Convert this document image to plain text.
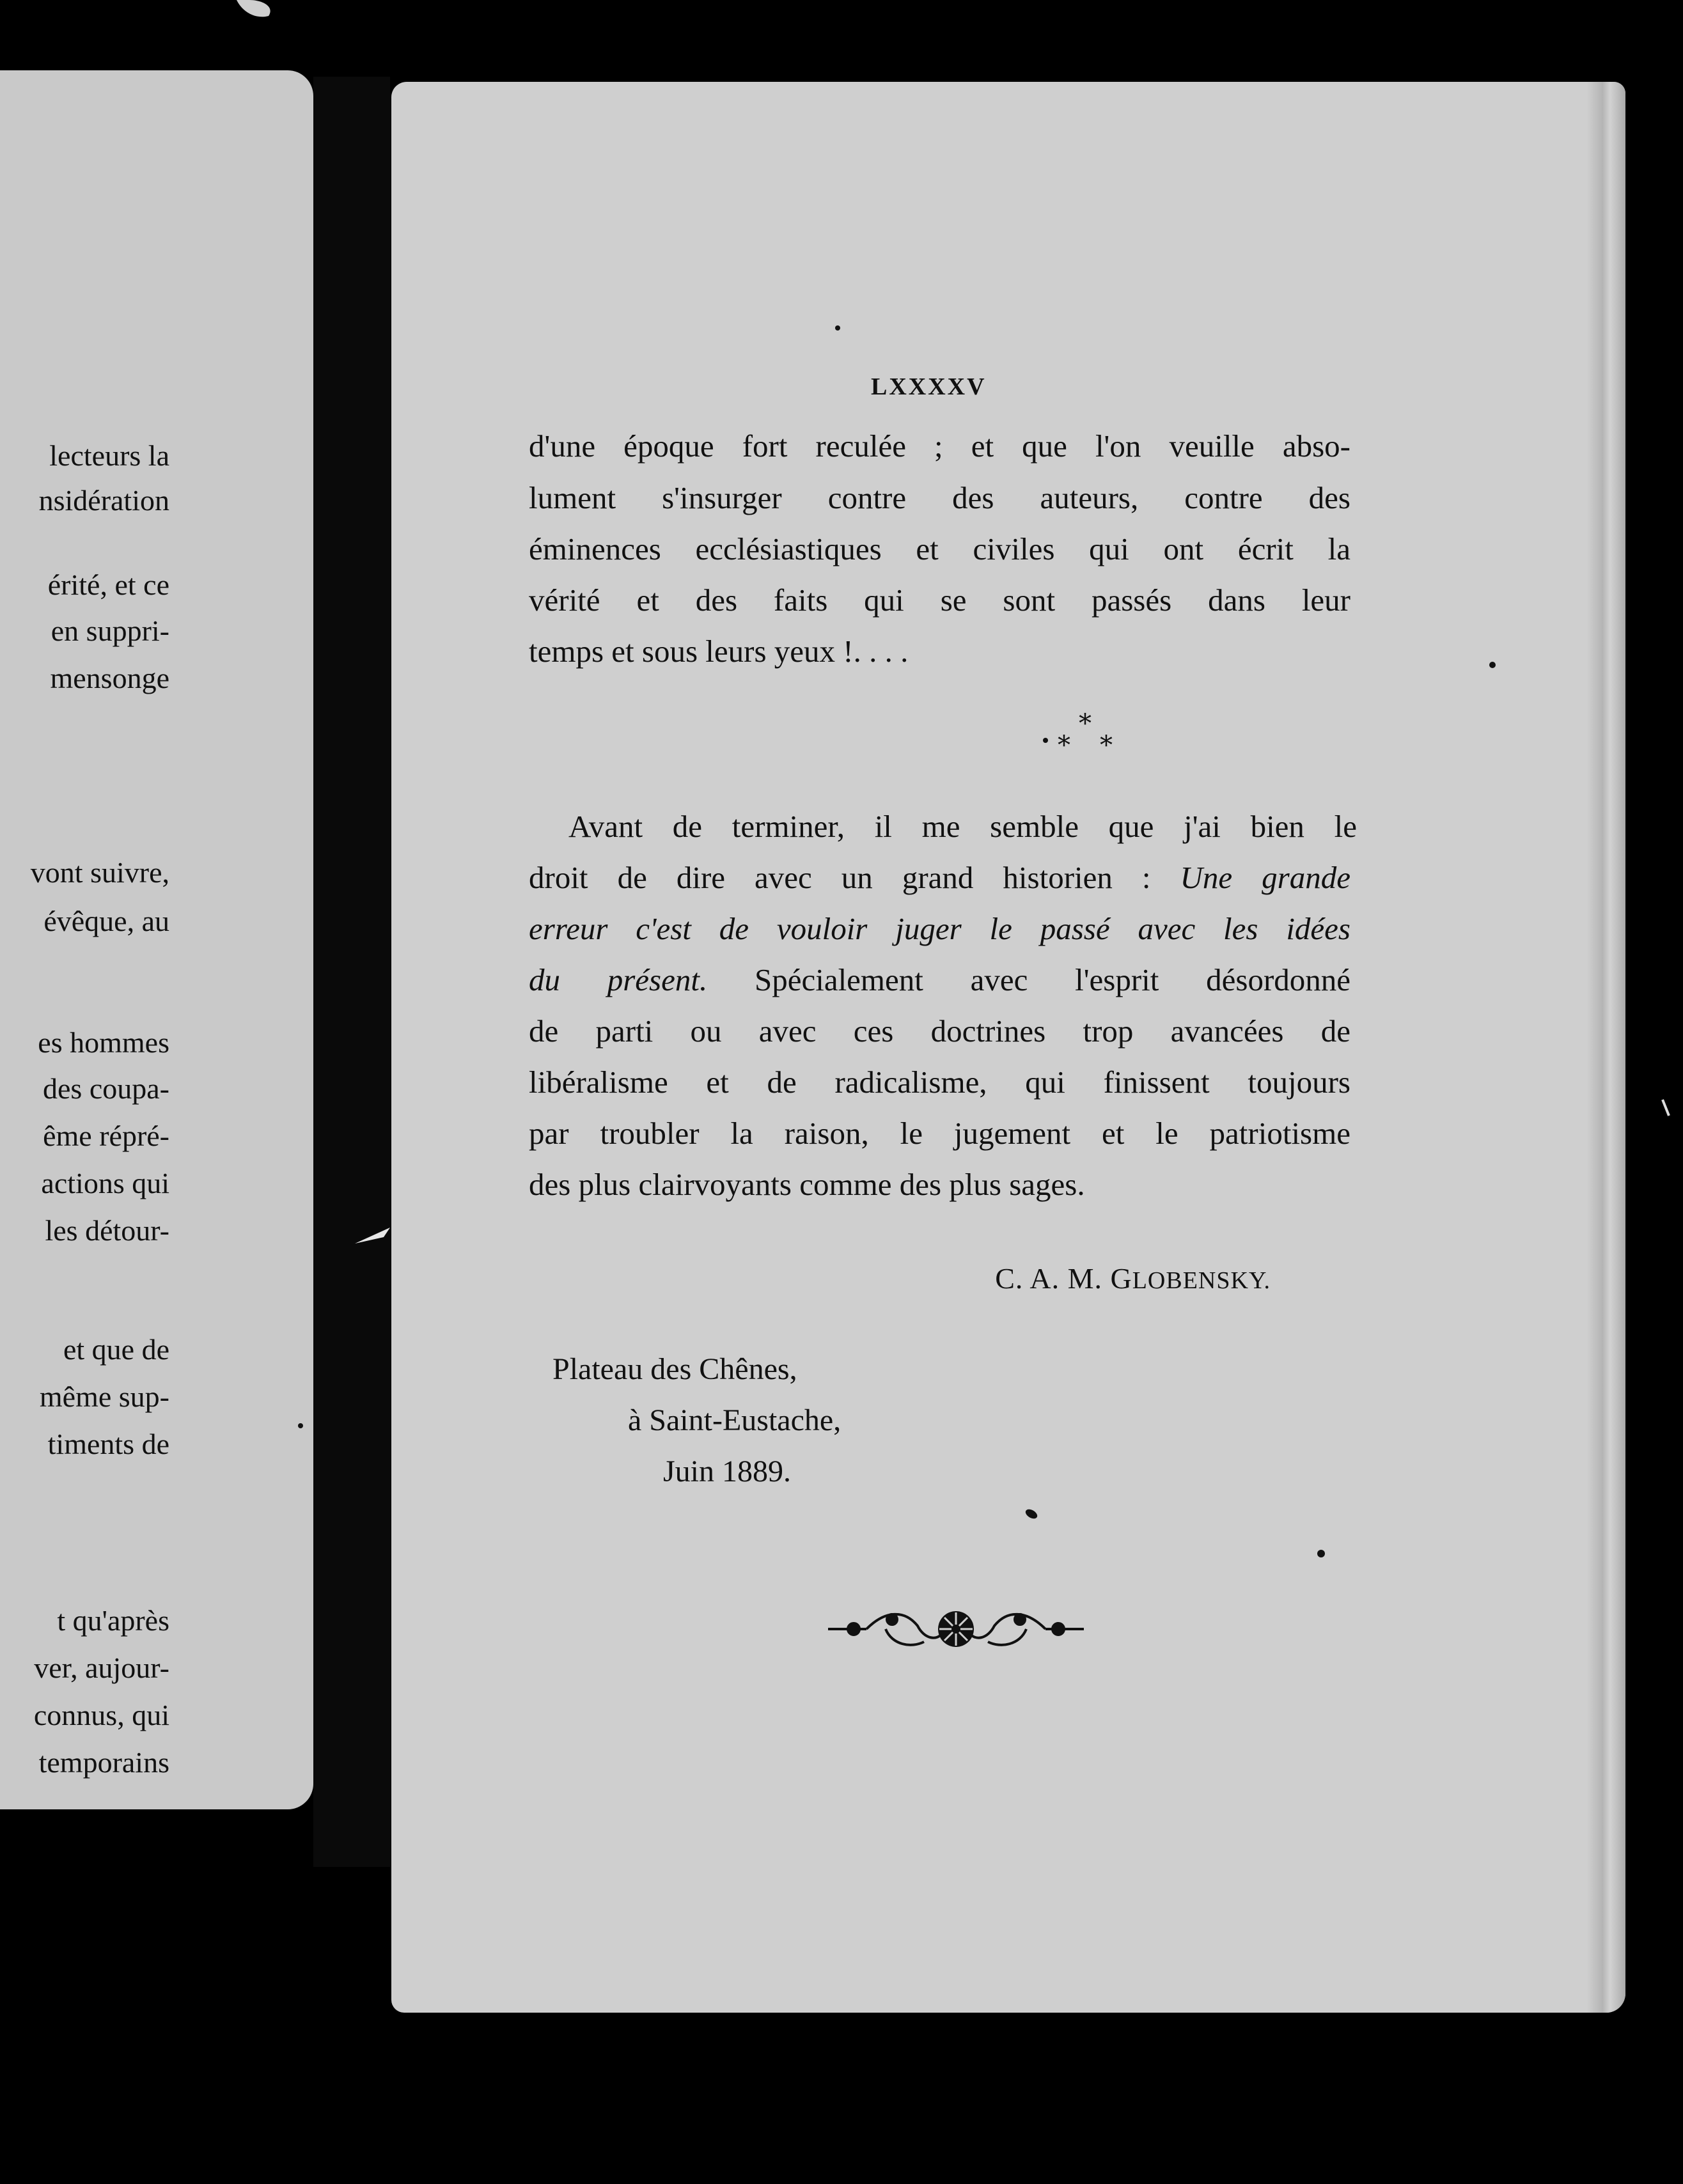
lecteurs la
nsidération
érité, et ce
en suppri-
mensonge
vont suivre,
évêque, au
es hommes
des coupa-
ême répré-
actions qui
les détour-
et que de
même sup-
timents de
t qu'après
ver, aujour-
connus, qui
temporains
LXXXXV
d'une époque fort reculée ; et que l'on veuille abso-
lument s'insurger contre des auteurs, contre des
éminences ecclésiastiques et civiles qui ont écrit la
vérité et des faits qui se sont passés dans leur
temps et sous leurs yeux !. . . .
*
* *
Avant de terminer, il me semble que j'ai bien le
droit de dire avec un grand historien : Une grande
erreur c'est de vouloir juger le passé avec les idées
du présent. Spécialement avec l'esprit désordonné
de parti ou avec ces doctrines trop avancées de
libéralisme et de radicalisme, qui finissent toujours
par troubler la raison, le jugement et le patriotisme
des plus clairvoyants comme des plus sages.
C. A. M. GLOBENSKY.
Plateau des Chênes,
à Saint-Eustache,
Juin 1889.
